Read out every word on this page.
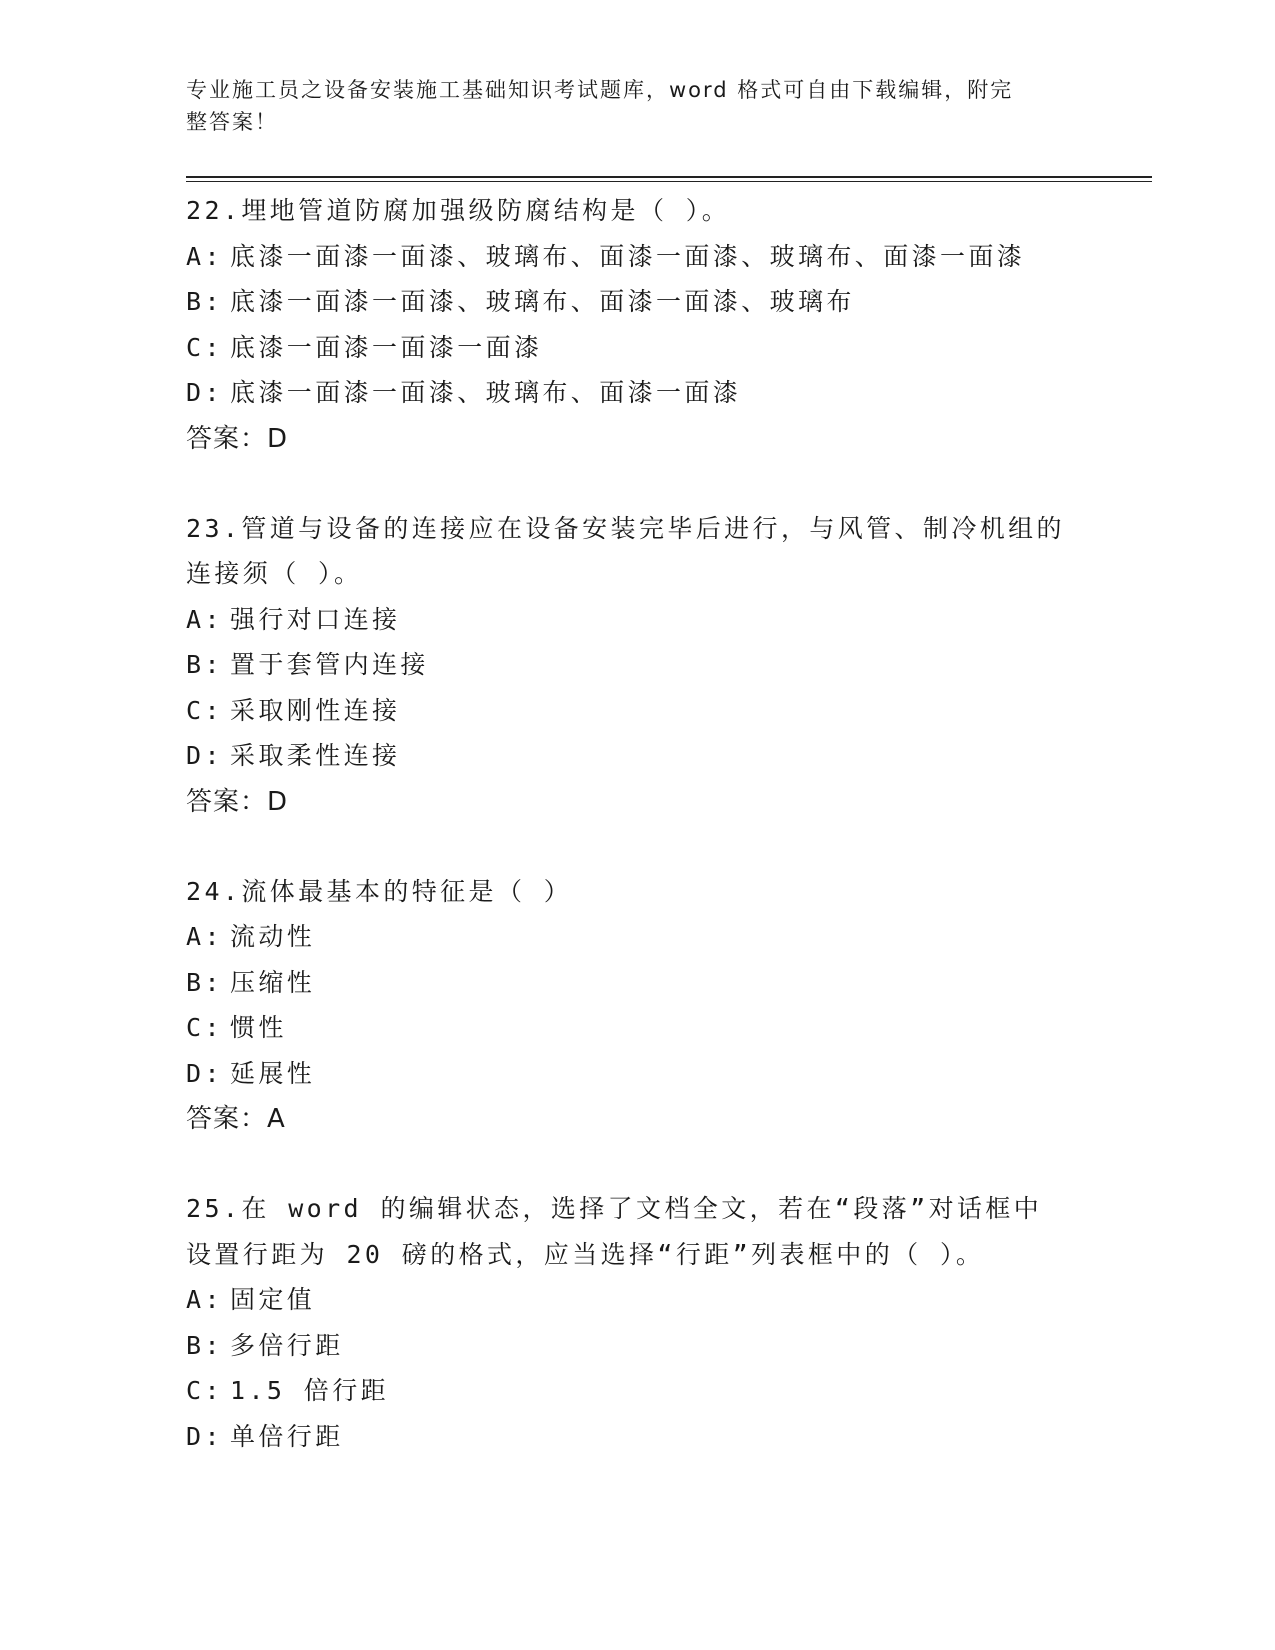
专业施工员之设备安装施工基础知识考试题库，word 格式可自由下载编辑，附完
整答案！
22.埋地管道防腐加强级防腐结构是（ ）。
A: 底漆一面漆一面漆、玻璃布、面漆一面漆、玻璃布、面漆一面漆
B: 底漆一面漆一面漆、玻璃布、面漆一面漆、玻璃布
C: 底漆一面漆一面漆一面漆
D: 底漆一面漆一面漆、玻璃布、面漆一面漆
答案：D
23.管道与设备的连接应在设备安装完毕后进行，与风管、制冷机组的连接须（ ）。
A: 强行对口连接
B: 置于套管内连接
C: 采取刚性连接
D: 采取柔性连接
答案：D
24.流体最基本的特征是（ ）
A: 流动性
B: 压缩性
C: 惯性
D: 延展性
答案：A
25.在 word 的编辑状态，选择了文档全文，若在“段落”对话框中设置行距为 20 磅的格式，应当选择“行距”列表框中的（ ）。
A: 固定值
B: 多倍行距
C: 1.5 倍行距
D: 单倍行距
